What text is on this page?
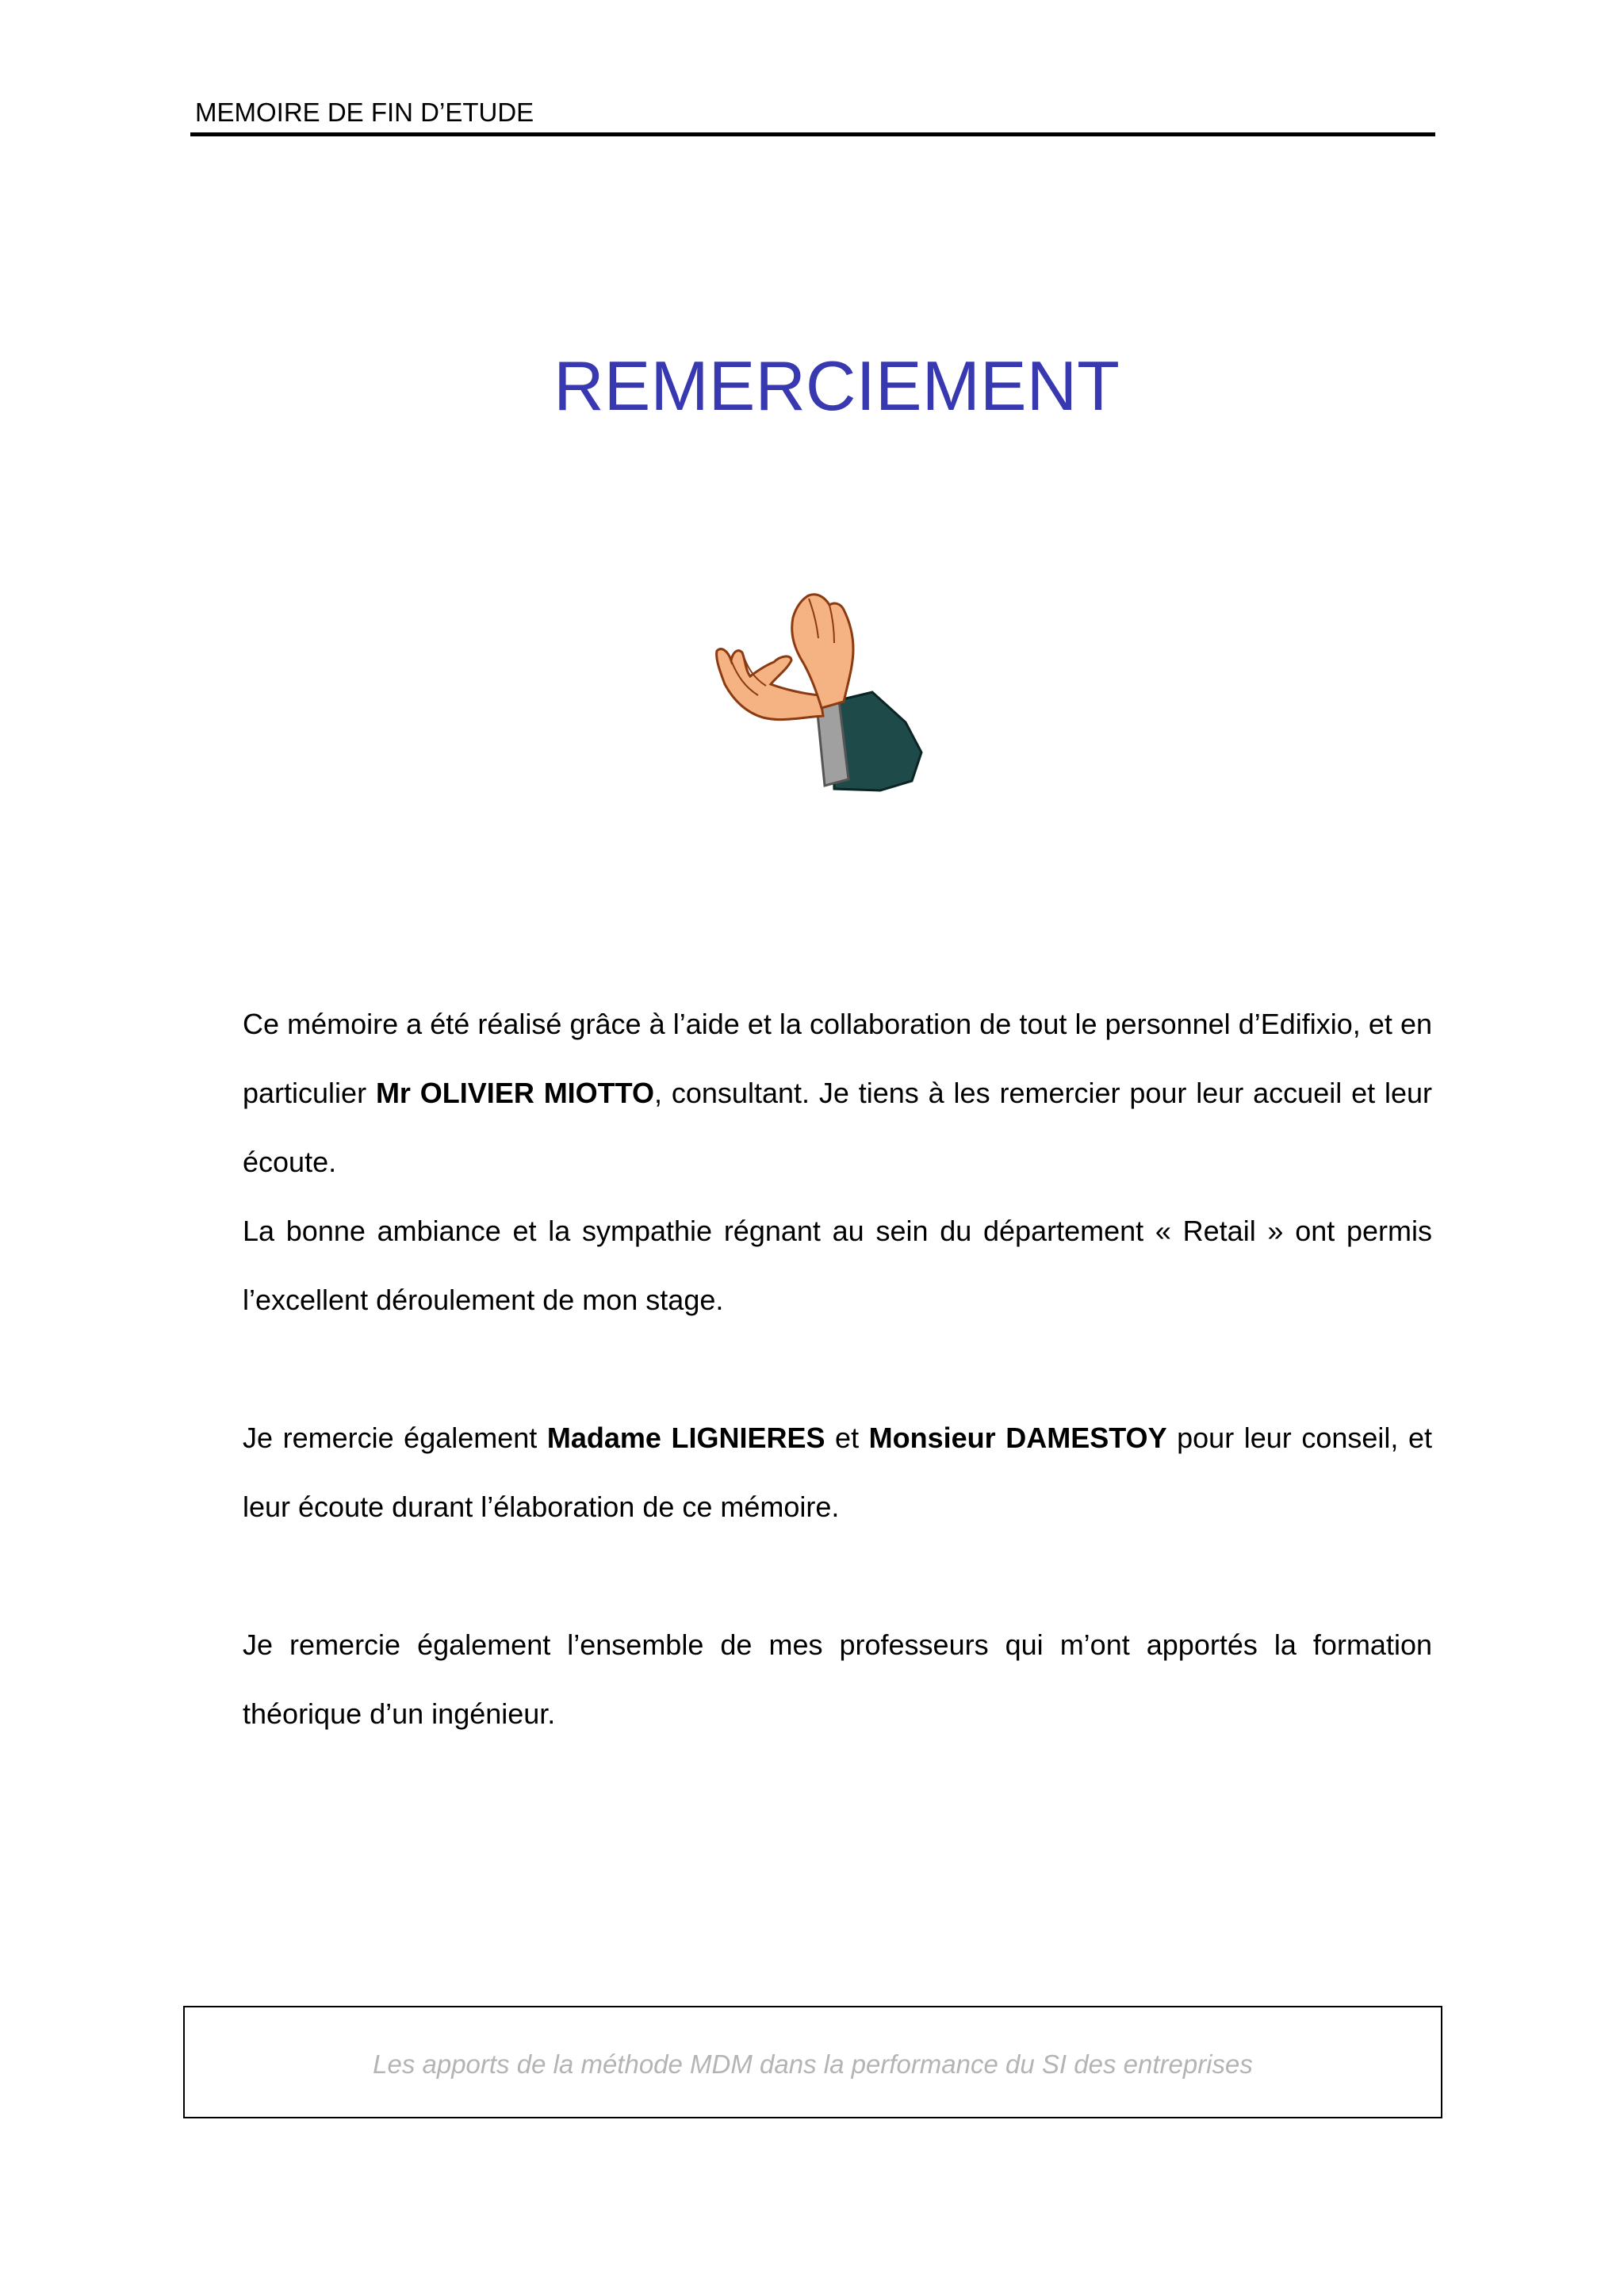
MEMOIRE DE FIN D’ETUDE
REMERCIEMENT

Ce mémoire a été réalisé grâce à l’aide et la collaboration de tout le personnel d’Edifixio, et en particulier Mr OLIVIER MIOTTO, consultant. Je tiens à les remercier pour leur accueil et leur écoute.

La bonne ambiance et la sympathie régnant au sein du département « Retail » ont permis l’excellent déroulement de mon stage.

Je remercie également Madame LIGNIERES et Monsieur DAMESTOY pour leur conseil, et leur écoute durant l’élaboration de ce mémoire.

Je remercie également l’ensemble de mes professeurs qui m’ont apportés la formation théorique d’un ingénieur.

Les apports de la méthode MDM dans la performance du SI des entreprises
